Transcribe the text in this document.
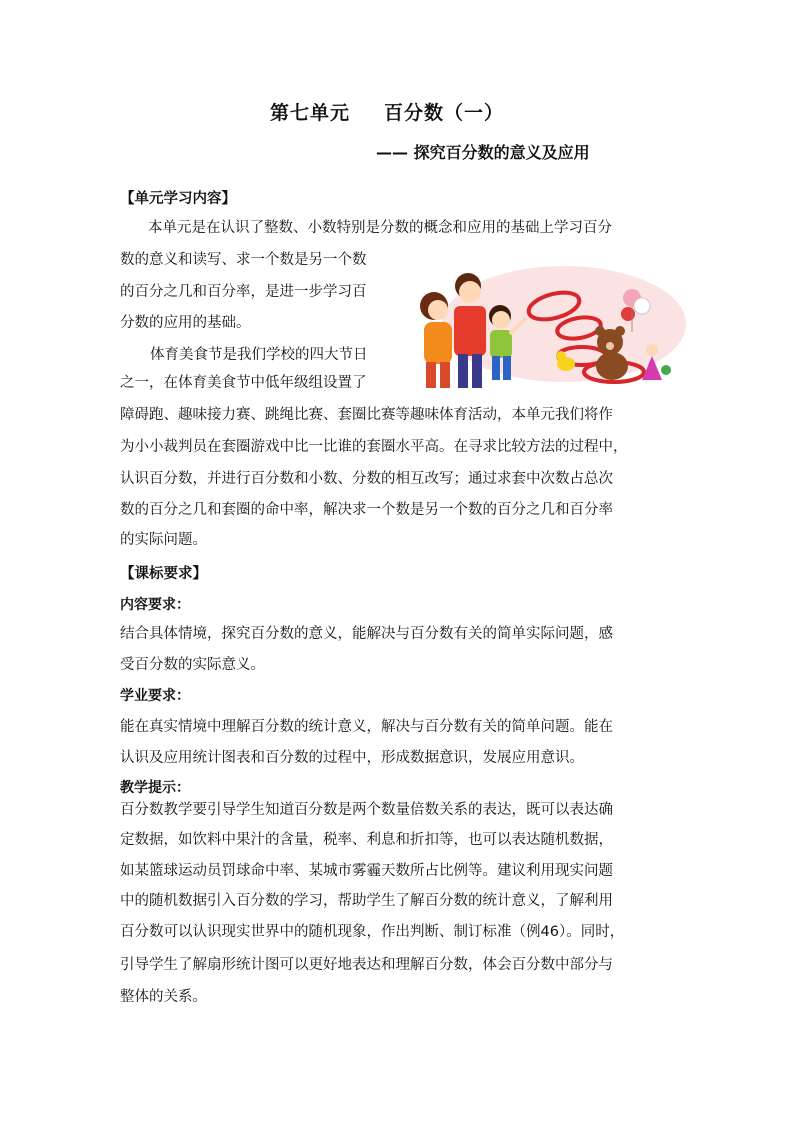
第七单元 百分数（一）
—— 探究百分数的意义及应用
【单元学习内容】
本单元是在认识了整数、小数特别是分数的概念和应用的基础上学习百分
数的意义和读写、求一个数是另一个数
的百分之几和百分率，是进一步学习百
分数的应用的基础。
体育美食节是我们学校的四大节日
之一，在体育美食节中低年级组设置了
障碍跑、趣味接力赛、跳绳比赛、套圈比赛等趣味体育活动，本单元我们将作
为小小裁判员在套圈游戏中比一比谁的套圈水平高。在寻求比较方法的过程中，
认识百分数，并进行百分数和小数、分数的相互改写；通过求套中次数占总次
数的百分之几和套圈的命中率，解决求一个数是另一个数的百分之几和百分率
的实际问题。
【课标要求】
内容要求：
结合具体情境，探究百分数的意义，能解决与百分数有关的简单实际问题，感
受百分数的实际意义。
学业要求：
能在真实情境中理解百分数的统计意义，解决与百分数有关的简单问题。能在
认识及应用统计图表和百分数的过程中，形成数据意识，发展应用意识。
教学提示：
百分数教学要引导学生知道百分数是两个数量倍数关系的表达，既可以表达确
定数据，如饮料中果汁的含量，税率、利息和折扣等，也可以表达随机数据，
如某篮球运动员罚球命中率、某城市雾霾天数所占比例等。建议利用现实问题
中的随机数据引入百分数的学习，帮助学生了解百分数的统计意义，了解利用
百分数可以认识现实世界中的随机现象，作出判断、制订标准（例46）。同时，
引导学生了解扇形统计图可以更好地表达和理解百分数，体会百分数中部分与
整体的关系。
